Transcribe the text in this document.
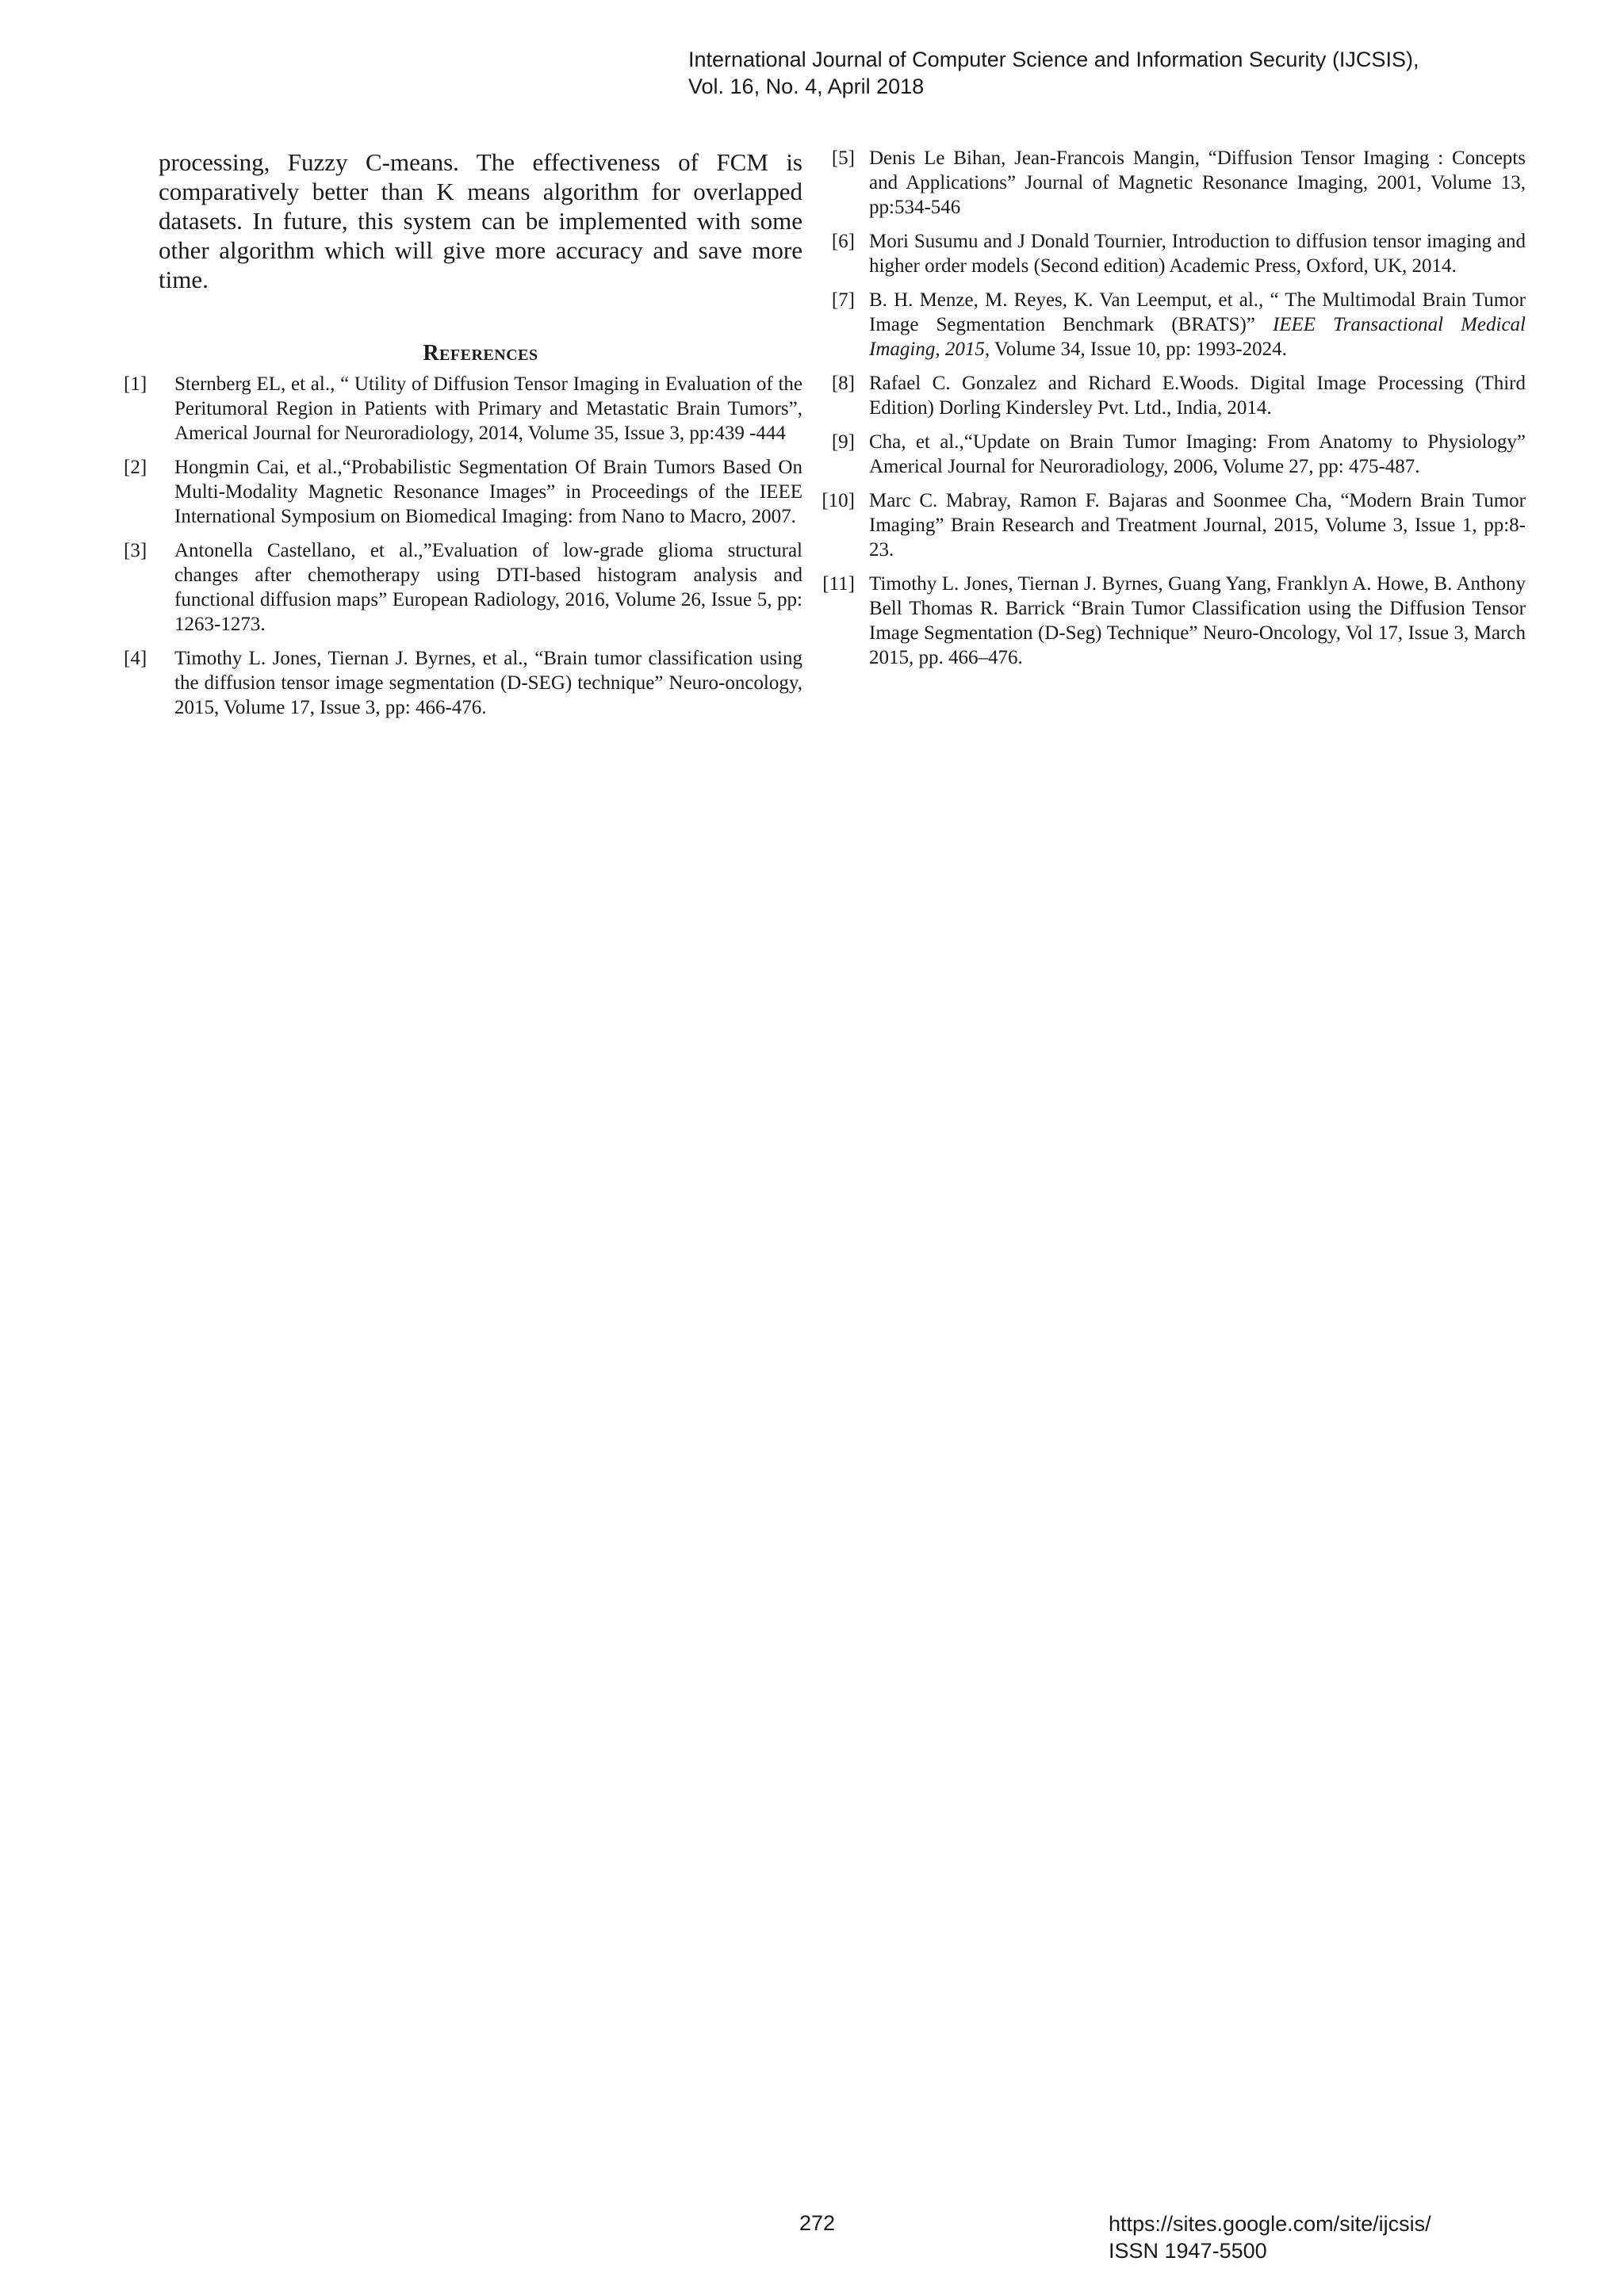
International Journal of Computer Science and Information Security (IJCSIS),
Vol. 16, No. 4, April 2018

processing, Fuzzy C-means. The effectiveness of FCM is comparatively better than K means algorithm for overlapped datasets. In future, this system can be implemented with some other algorithm which will give more accuracy and save more time.

References
[1]	Sternberg EL, et al., “ Utility of Diffusion Tensor Imaging in Evaluation of the Peritumoral Region in Patients with Primary and Metastatic Brain Tumors”, Americal Journal for Neuroradiology, 2014, Volume 35, Issue 3, pp:439 -444
[2]	Hongmin Cai, et al.,“Probabilistic Segmentation Of Brain Tumors Based On Multi-Modality Magnetic Resonance Images” in Proceedings of the IEEE International Symposium on Biomedical Imaging: from Nano to Macro, 2007.
[3]	Antonella Castellano, et al.,”Evaluation of low-grade glioma structural changes after chemotherapy using DTI-based histogram analysis and functional diffusion maps” European Radiology, 2016, Volume 26, Issue 5, pp: 1263-1273.
[4]	Timothy L. Jones, Tiernan J. Byrnes, et al., “Brain tumor classification using the diffusion tensor image segmentation (D-SEG) technique” Neuro-oncology, 2015, Volume 17, Issue 3, pp: 466-476.
[5] Denis Le Bihan, Jean-Francois Mangin, “Diffusion Tensor Imaging : Concepts and Applications” Journal of Magnetic Resonance Imaging, 2001, Volume 13, pp:534-546
[6] Mori Susumu and J Donald Tournier, Introduction to diffusion tensor imaging and higher order models (Second edition) Academic Press, Oxford, UK, 2014.
[7] B. H. Menze, M. Reyes, K. Van Leemput, et al., “ The Multimodal Brain Tumor Image Segmentation Benchmark (BRATS)” IEEE Transactional Medical Imaging, 2015, Volume 34, Issue 10, pp: 1993-2024.
[8] Rafael C. Gonzalez and Richard E.Woods. Digital Image Processing (Third Edition) Dorling Kindersley Pvt. Ltd., India, 2014.
[9] Cha, et al.,“Update on Brain Tumor Imaging: From Anatomy to Physiology” Americal Journal for Neuroradiology, 2006, Volume 27, pp: 475-487.
[10] Marc C. Mabray, Ramon F. Bajaras and Soonmee Cha, “Modern Brain Tumor Imaging” Brain Research and Treatment Journal, 2015, Volume 3, Issue 1, pp:8- 23.
[11] Timothy L. Jones, Tiernan J. Byrnes, Guang Yang, Franklyn A. Howe, B. Anthony Bell Thomas R. Barrick “Brain Tumor Classification using the Diffusion Tensor Image Segmentation (D-Seg) Technique” Neuro-Oncology, Vol 17, Issue 3, March 2015, pp. 466–476.
272	https://sites.google.com/site/ijcsis/
ISSN 1947-5500
